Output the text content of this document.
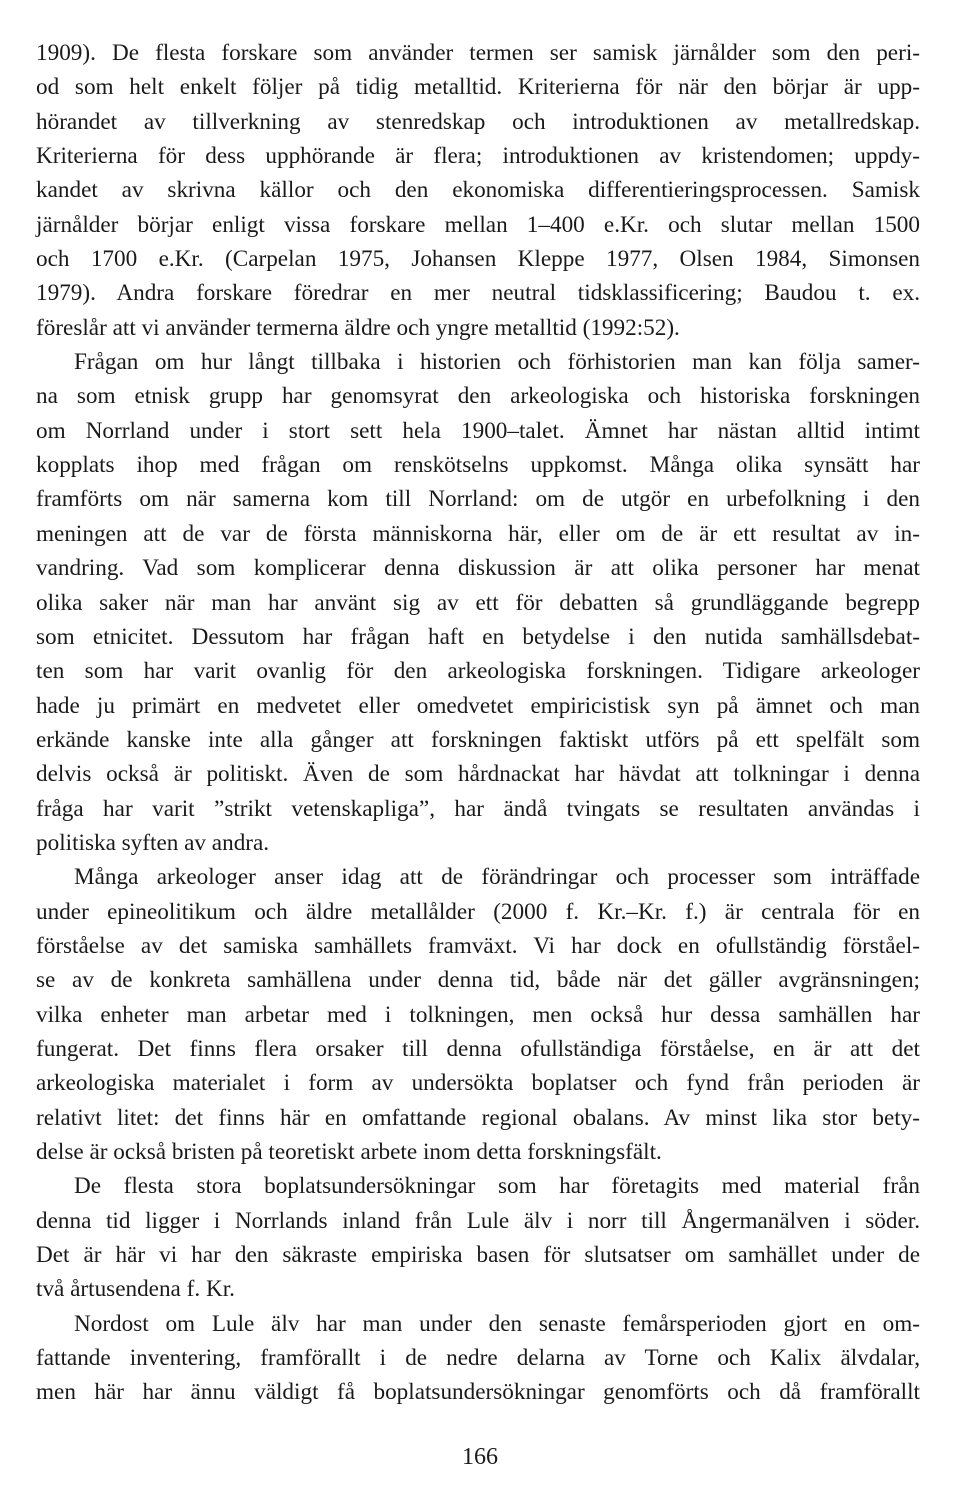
1909). De flesta forskare som använder termen ser samisk järnålder som den peri-
od som helt enkelt följer på tidig metalltid. Kriterierna för när den börjar är upp-
hörandet av tillverkning av stenredskap och introduktionen av metallredskap.
Kriterierna för dess upphörande är flera; introduktionen av kristendomen; uppdy-
kandet av skrivna källor och den ekonomiska differentieringsprocessen. Samisk
järnålder börjar enligt vissa forskare mellan 1–400 e.Kr. och slutar mellan 1500
och 1700 e.Kr. (Carpelan 1975, Johansen Kleppe 1977, Olsen 1984, Simonsen
1979). Andra forskare föredrar en mer neutral tidsklassificering; Baudou t. ex.
föreslår att vi använder termerna äldre och yngre metalltid (1992:52).
Frågan om hur långt tillbaka i historien och förhistorien man kan följa samer-
na som etnisk grupp har genomsyrat den arkeologiska och historiska forskningen
om Norrland under i stort sett hela 1900–talet. Ämnet har nästan alltid intimt
kopplats ihop med frågan om renskötselns uppkomst. Många olika synsätt har
framförts om när samerna kom till Norrland: om de utgör en urbefolkning i den
meningen att de var de första människorna här, eller om de är ett resultat av in-
vandring. Vad som komplicerar denna diskussion är att olika personer har menat
olika saker när man har använt sig av ett för debatten så grundläggande begrepp
som etnicitet. Dessutom har frågan haft en betydelse i den nutida samhällsdebat-
ten som har varit ovanlig för den arkeologiska forskningen. Tidigare arkeologer
hade ju primärt en medvetet eller omedvetet empiricistisk syn på ämnet och man
erkände kanske inte alla gånger att forskningen faktiskt utförs på ett spelfält som
delvis också är politiskt. Även de som hårdnackat har hävdat att tolkningar i denna
fråga har varit ”strikt vetenskapliga”, har ändå tvingats se resultaten användas i
politiska syften av andra.
Många arkeologer anser idag att de förändringar och processer som inträffade
under epineolitikum och äldre metallålder (2000 f. Kr.–Kr. f.) är centrala för en
förståelse av det samiska samhällets framväxt. Vi har dock en ofullständig förståel-
se av de konkreta samhällena under denna tid, både när det gäller avgränsningen;
vilka enheter man arbetar med i tolkningen, men också hur dessa samhällen har
fungerat. Det finns flera orsaker till denna ofullständiga förståelse, en är att det
arkeologiska materialet i form av undersökta boplatser och fynd från perioden är
relativt litet: det finns här en omfattande regional obalans. Av minst lika stor bety-
delse är också bristen på teoretiskt arbete inom detta forskningsfält.
De flesta stora boplatsundersökningar som har företagits med material från
denna tid ligger i Norrlands inland från Lule älv i norr till Ångermanälven i söder.
Det är här vi har den säkraste empiriska basen för slutsatser om samhället under de
två årtusendena f. Kr.
Nordost om Lule älv har man under den senaste femårsperioden gjort en om-
fattande inventering, framförallt i de nedre delarna av Torne och Kalix älvdalar,
men här har ännu väldigt få boplatsundersökningar genomförts och då framförallt
166
